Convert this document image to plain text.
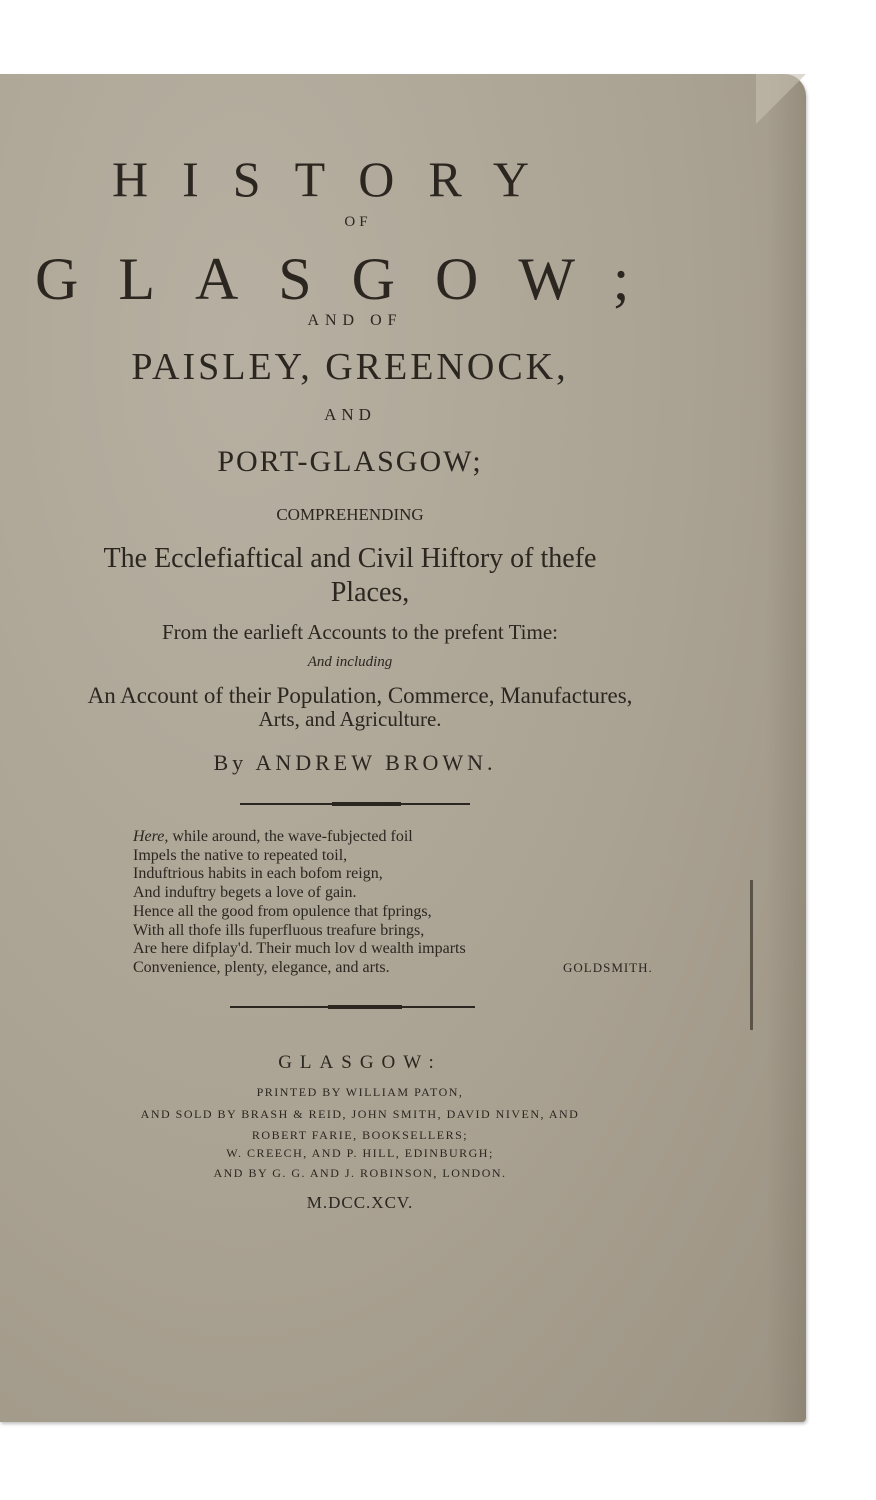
HISTORY
OF
GLASGOW;
AND OF
PAISLEY, GREENOCK,
AND
PORT-GLASGOW;
COMPREHENDING
The Ecclefiaftical and Civil Hiftory of thefe
Places,
From the earlieft Accounts to the prefent Time:
And including
An Account of their Population, Commerce, Manufactures,
Arts, and Agriculture.
By ANDREW BROWN.
Here, while around, the wave-fubjected foil
Impels the native to repeated toil,
Induftrious habits in each bofom reign,
And induftry begets a love of gain.
Hence all the good from opulence that fprings,
With all thofe ills fuperfluous treafure brings,
Are here difplay'd. Their much lov d wealth imparts
Convenience, plenty, elegance, and arts.	GOLDSMITH.
GLASGOW:
PRINTED BY WILLIAM PATON,
AND SOLD BY BRASH & REID, JOHN SMITH, DAVID NIVEN, AND
ROBERT FARIE, BOOKSELLERS;
W. CREECH, AND P. HILL, EDINBURGH;
AND BY G. G. AND J. ROBINSON, LONDON.
M.DCC.XCV.
